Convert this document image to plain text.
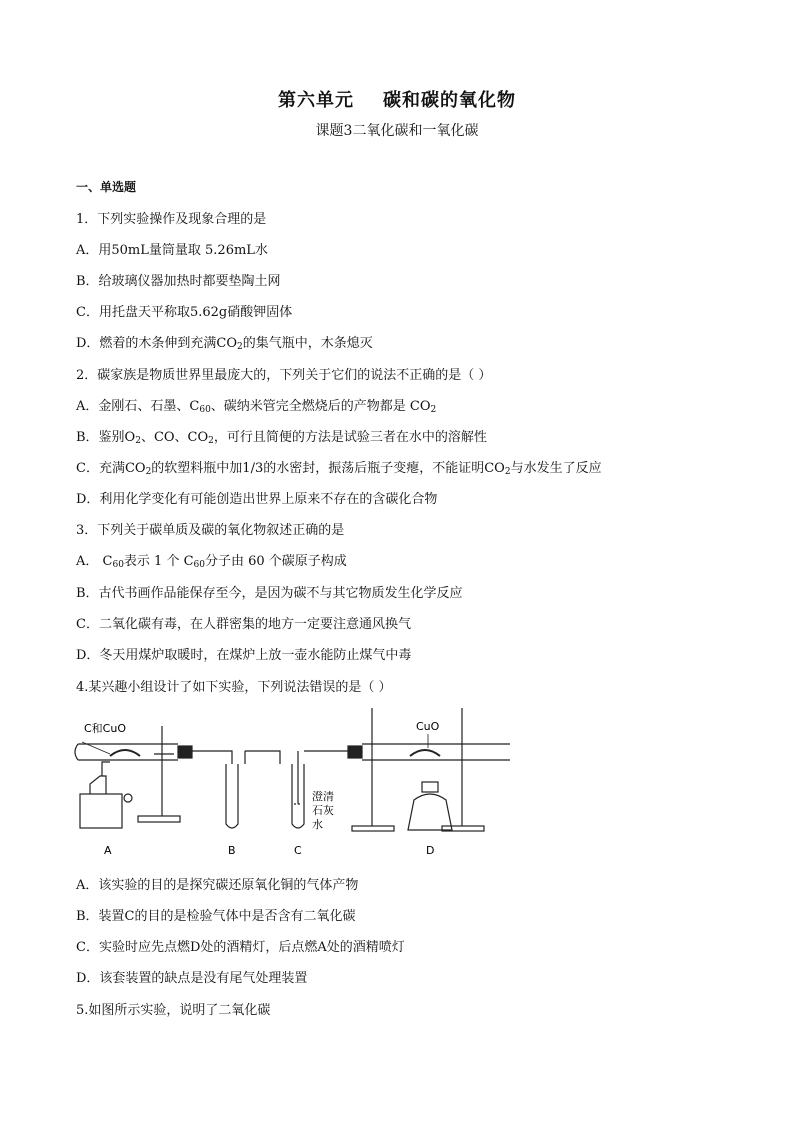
第六单元    碳和碳的氧化物
课题3二氧化碳和一氧化碳
一、单选题
1．下列实验操作及现象合理的是
A．用50mL量筒量取 5.26mL水
B．给玻璃仪器加热时都要垫陶土网
C．用托盘天平称取5.62g硝酸钾固体
D．燃着的木条伸到充满$CO_2$的集气瓶中，木条熄灭
2．碳家族是物质世界里最庞大的，下列关于它们的说法不正确的是（ ）
A．金刚石、石墨、$C_{60}$、碳纳米管完全燃烧后的产物都是 $CO_2$
B．鉴别$O_2$、CO、$CO_2$，可行且简便的方法是试验三者在水中的溶解性
C．充满$CO_2$的软塑料瓶中加1/3的水密封，振荡后瓶子变瘪，不能证明$CO_2$与水发生了反应
D．利用化学变化有可能创造出世界上原来不存在的含碳化合物
3．下列关于碳单质及碳的氧化物叙述正确的是
A． $C_{60}$表示 1 个 $C_{60}$分子由 60 个碳原子构成
B．古代书画作品能保存至今，是因为碳不与其它物质发生化学反应
C．二氧化碳有毒，在人群密集的地方一定要注意通风换气
D．冬天用煤炉取暖时，在煤炉上放一壶水能防止煤气中毒
4.某兴趣小组设计了如下实验，下列说法错误的是（ ）
C和CuO	CuO
澄清
石灰
水
A	B	C	D
A．该实验的目的是探究碳还原氧化铜的气体产物
B．装置C的目的是检验气体中是否含有二氧化碳
C．实验时应先点燃D处的酒精灯，后点燃A处的酒精喷灯
D．该套装置的缺点是没有尾气处理装置
5.如图所示实验，说明了二氧化碳
